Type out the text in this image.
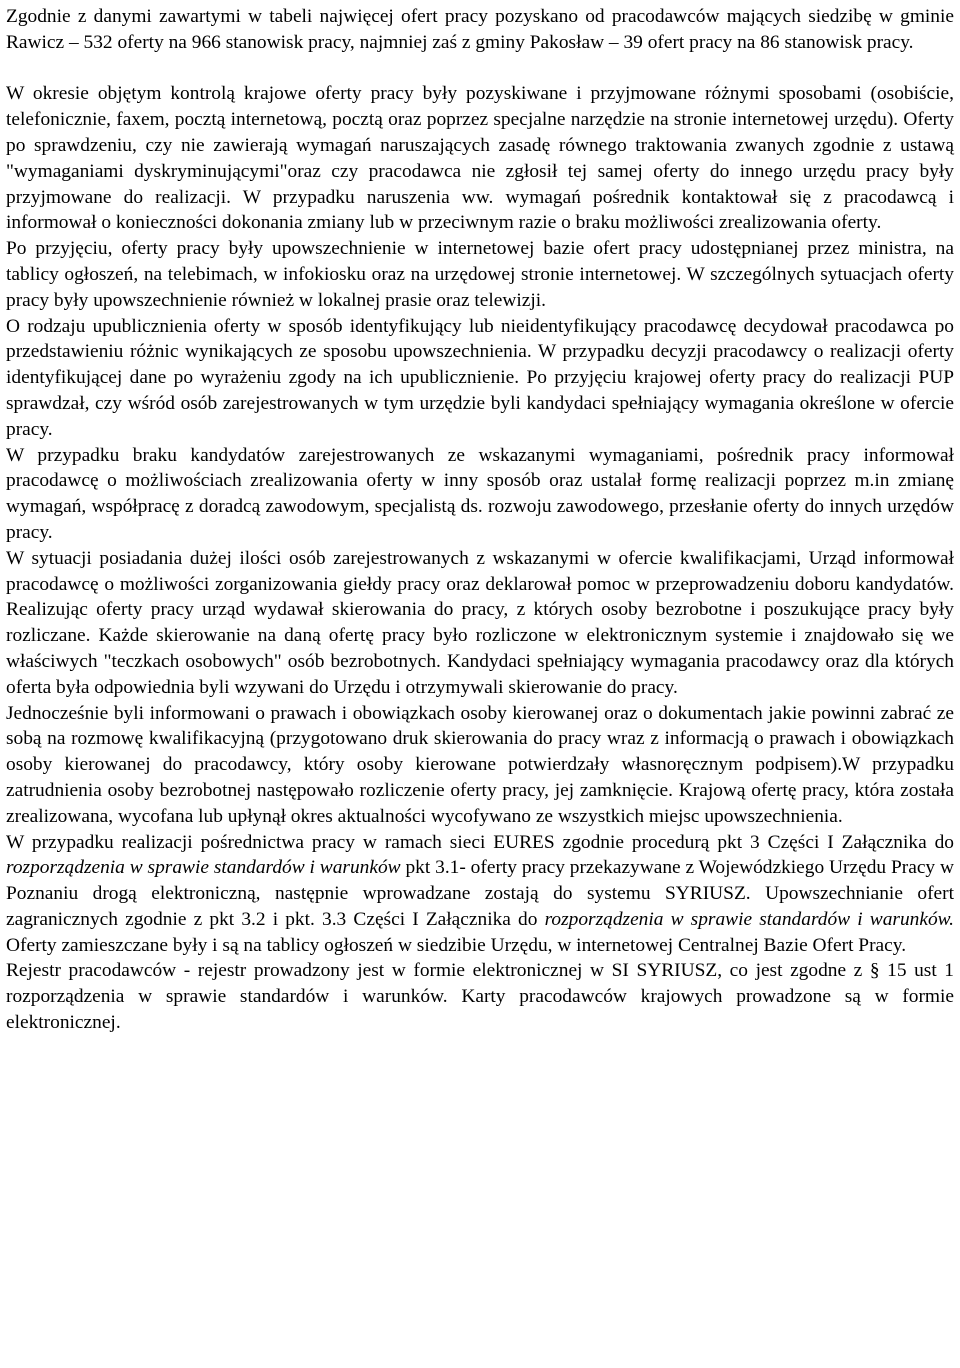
Zgodnie z danymi zawartymi w tabeli najwięcej ofert pracy pozyskano od pracodawców mających siedzibę w gminie Rawicz – 532 oferty na 966 stanowisk pracy, najmniej zaś z gminy Pakosław – 39 ofert pracy na 86 stanowisk pracy.

W okresie objętym kontrolą krajowe oferty pracy były pozyskiwane i przyjmowane różnymi sposobami (osobiście, telefonicznie, faxem, pocztą internetową, pocztą oraz poprzez specjalne narzędzie na stronie internetowej urzędu). Oferty po sprawdzeniu, czy nie zawierają wymagań naruszających zasadę równego traktowania zwanych zgodnie z ustawą "wymaganiami dyskryminującymi"oraz czy pracodawca nie zgłosił tej samej oferty do innego urzędu pracy były przyjmowane do realizacji. W przypadku naruszenia ww. wymagań pośrednik kontaktował się z pracodawcą i informował o konieczności dokonania zmiany lub w przeciwnym razie o braku możliwości zrealizowania oferty.

Po przyjęciu, oferty pracy były upowszechnienie w internetowej bazie ofert pracy udostępnianej przez ministra, na tablicy ogłoszeń, na telebimach, w infokiosku oraz na urzędowej stronie internetowej. W szczególnych sytuacjach oferty pracy były upowszechnienie również w lokalnej prasie oraz telewizji.

O rodzaju upublicznienia oferty w sposób identyfikujący lub nieidentyfikujący pracodawcę decydował pracodawca po przedstawieniu różnic wynikających ze sposobu upowszechnienia. W przypadku decyzji pracodawcy o realizacji oferty identyfikującej dane po wyrażeniu zgody na ich upublicznienie. Po przyjęciu krajowej oferty pracy do realizacji PUP sprawdzał, czy wśród osób zarejestrowanych w tym urzędzie byli kandydaci spełniający wymagania określone w ofercie pracy.

W przypadku braku kandydatów zarejestrowanych ze wskazanymi wymaganiami, pośrednik pracy informował pracodawcę o możliwościach zrealizowania oferty w inny sposób oraz ustalał formę realizacji poprzez m.in zmianę wymagań, współpracę z doradcą zawodowym, specjalistą ds. rozwoju zawodowego, przesłanie oferty do innych urzędów pracy.

W sytuacji posiadania dużej ilości osób zarejestrowanych z wskazanymi w ofercie kwalifikacjami, Urząd informował pracodawcę o możliwości zorganizowania giełdy pracy oraz deklarował pomoc w przeprowadzeniu doboru kandydatów. Realizując oferty pracy urząd wydawał skierowania do pracy, z których osoby bezrobotne i poszukujące pracy były rozliczane. Każde skierowanie na daną ofertę pracy było rozliczone w elektronicznym systemie i znajdowało się we właściwych "teczkach osobowych" osób bezrobotnych. Kandydaci spełniający wymagania pracodawcy oraz dla których oferta była odpowiednia byli wzywani do Urzędu i otrzymywali skierowanie do pracy.

Jednocześnie byli informowani o prawach i obowiązkach osoby kierowanej oraz o dokumentach jakie powinni zabrać ze sobą na rozmowę kwalifikacyjną (przygotowano druk skierowania do pracy wraz z informacją o prawach i obowiązkach osoby kierowanej do pracodawcy, który osoby kierowane potwierdzały własnoręcznym podpisem).W przypadku zatrudnienia osoby bezrobotnej następowało rozliczenie oferty pracy, jej zamknięcie. Krajową ofertę pracy, która została zrealizowana, wycofana lub upłynął okres aktualności wycofywano ze wszystkich miejsc upowszechnienia.

W przypadku realizacji pośrednictwa pracy w ramach sieci EURES zgodnie procedurą pkt 3 Części I Załącznika do rozporządzenia w sprawie standardów i warunków pkt 3.1- oferty pracy przekazywane z Wojewódzkiego Urzędu Pracy w Poznaniu drogą elektroniczną, następnie wprowadzane zostają do systemu SYRIUSZ. Upowszechnianie ofert zagranicznych zgodnie z pkt 3.2 i pkt. 3.3 Części I Załącznika do rozporządzenia w sprawie standardów i warunków. Oferty zamieszczane były i są na tablicy ogłoszeń w siedzibie Urzędu, w internetowej Centralnej Bazie Ofert Pracy.

Rejestr pracodawców - rejestr prowadzony jest w formie elektronicznej w SI SYRIUSZ, co jest zgodne z § 15 ust 1 rozporządzenia w sprawie standardów i warunków. Karty pracodawców krajowych prowadzone są w formie elektronicznej.
